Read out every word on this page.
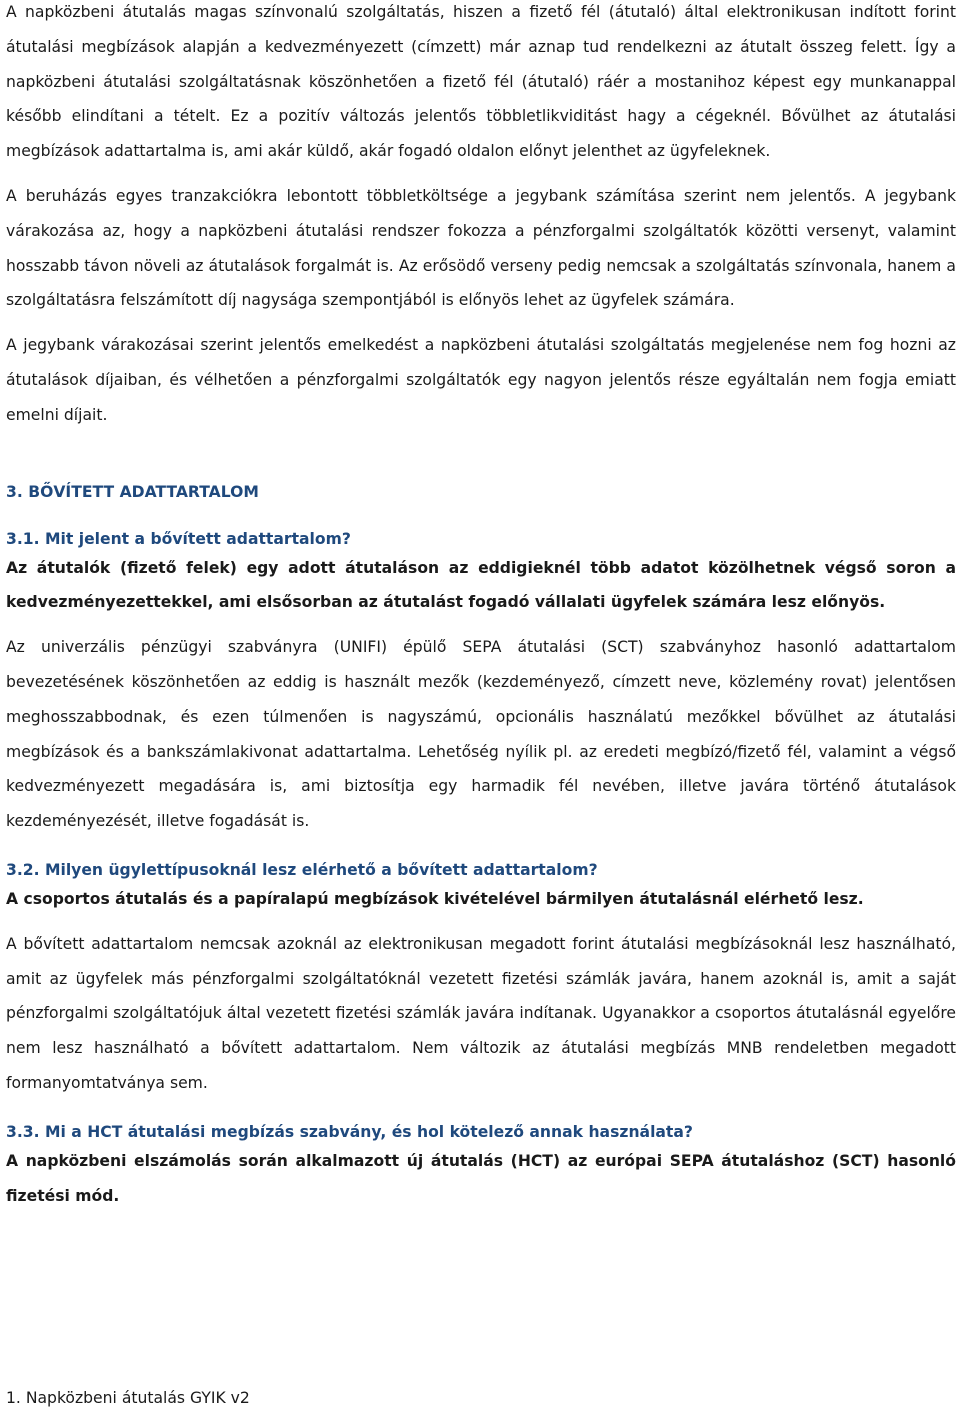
A napközbeni átutalás magas színvonalú szolgáltatás, hiszen a fizető fél (átutaló) által elektronikusan indított forint átutalási megbízások alapján a kedvezményezett (címzett) már aznap tud rendelkezni az átutalt összeg felett. Így a napközbeni átutalási szolgáltatásnak köszönhetően a fizető fél (átutaló) ráér a mostanihoz képest egy munkanappal később elindítani a tételt. Ez a pozitív változás jelentős többletlikviditást hagy a cégeknél. Bővülhet az átutalási megbízások adattartalma is, ami akár küldő, akár fogadó oldalon előnyt jelenthet az ügyfeleknek.

A beruházás egyes tranzakciókra lebontott többletköltsége a jegybank számítása szerint nem jelentős. A jegybank várakozása az, hogy a napközbeni átutalási rendszer fokozza a pénzforgalmi szolgáltatók közötti versenyt, valamint hosszabb távon növeli az átutalások forgalmát is. Az erősödő verseny pedig nemcsak a szolgáltatás színvonala, hanem a szolgáltatásra felszámított díj nagysága szempontjából is előnyös lehet az ügyfelek számára.

A jegybank várakozásai szerint jelentős emelkedést a napközbeni átutalási szolgáltatás megjelenése nem fog hozni az átutalások díjaiban, és vélhetően a pénzforgalmi szolgáltatók egy nagyon jelentős része egyáltalán nem fogja emiatt emelni díjait.

3. BŐVÍTETT ADATTARTALOM
3.1. Mit jelent a bővített adattartalom?

Az átutalók (fizető felek) egy adott átutaláson az eddigieknél több adatot közölhetnek végső soron a kedvezményezettekkel, ami elsősorban az átutalást fogadó vállalati ügyfelek számára lesz előnyös.

Az univerzális pénzügyi szabványra (UNIFI) épülő SEPA átutalási (SCT) szabványhoz hasonló adattartalom bevezetésének köszönhetően az eddig is használt mezők (kezdeményező, címzett neve, közlemény rovat) jelentősen meghosszabbodnak, és ezen túlmenően is nagyszámú, opcionális használatú mezőkkel bővülhet az átutalási megbízások és a bankszámlakivonat adattartalma. Lehetőség nyílik pl. az eredeti megbízó/fizető fél, valamint a végső kedvezményezett megadására is, ami biztosítja egy harmadik fél nevében, illetve javára történő átutalások kezdeményezését, illetve fogadását is.

3.2. Milyen ügylettípusoknál lesz elérhető a bővített adattartalom?

A csoportos átutalás és a papíralapú megbízások kivételével bármilyen átutalásnál elérhető lesz.

A bővített adattartalom nemcsak azoknál az elektronikusan megadott forint átutalási megbízásoknál lesz használható, amit az ügyfelek más pénzforgalmi szolgáltatóknál vezetett fizetési számlák javára, hanem azoknál is, amit a saját pénzforgalmi szolgáltatójuk által vezetett fizetési számlák javára indítanak. Ugyanakkor a csoportos átutalásnál egyelőre nem lesz használható a bővített adattartalom. Nem változik az átutalási megbízás MNB rendeletben megadott formanyomtatványa sem.

3.3. Mi a HCT átutalási megbízás szabvány, és hol kötelező annak használata?

A napközbeni elszámolás során alkalmazott új átutalás (HCT) az európai SEPA átutaláshoz (SCT) hasonló fizetési mód.

1. Napközbeni átutalás GYIK v2
